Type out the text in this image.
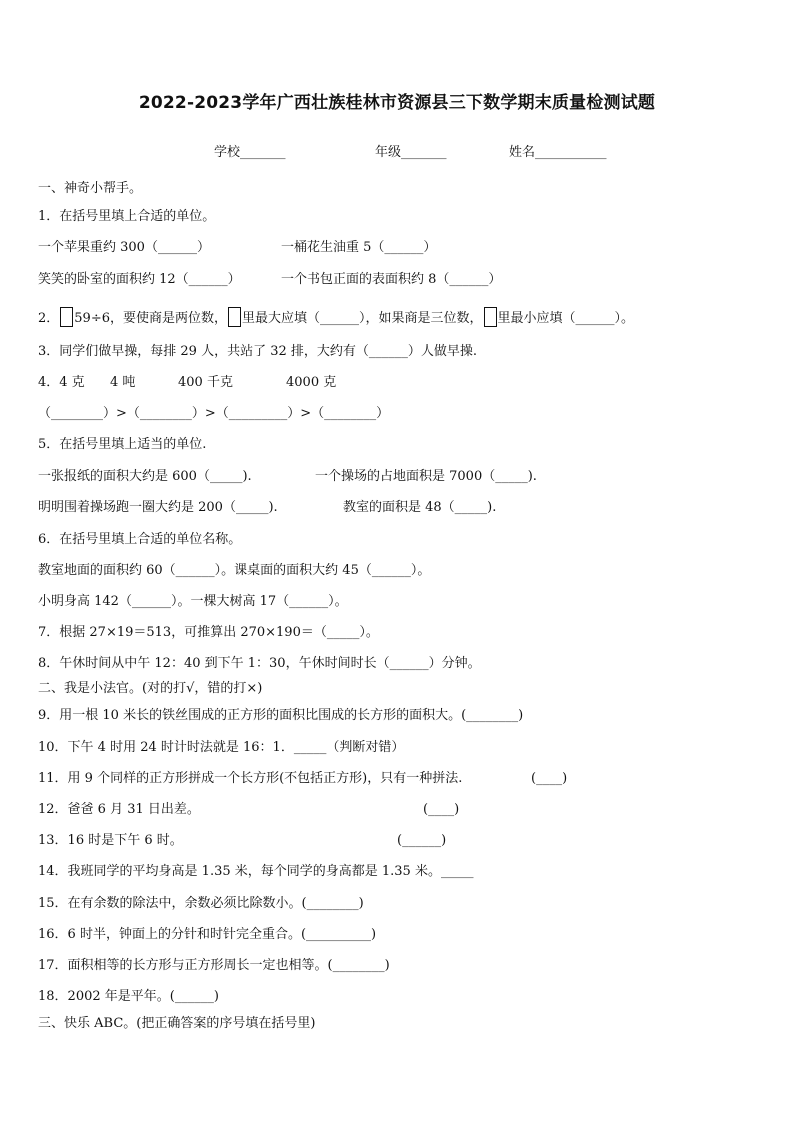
2022-2023学年广西壮族桂林市资源县三下数学期末质量检测试题
学校_______	年级_______	姓名___________
一、神奇小帮手。
1．在括号里填上合适的单位。
一个苹果重约 300（______）	一桶花生油重 5（______）
笑笑的卧室的面积约 12（______）	一个书包正面的表面积约 8（______）
2． 59÷6，要使商是两位数， 里最大应填（______），如果商是三位数， 里最小应填（______）。
3．同学们做早操，每排 29 人，共站了 32 排，大约有（______）人做早操.
4．4 克 4 吨	400 千克	4000 克
（________）>（________）>（_________）>（________）
5．在括号里填上适当的单位.
一张报纸的面积大约是 600（_____).	一个操场的占地面积是 7000（_____).
明明围着操场跑一圈大约是 200（_____).	教室的面积是 48（_____).
6．在括号里填上合适的单位名称。
教室地面的面积约 60（______）。课桌面的面积大约 45（______）。
小明身高 142（______）。一棵大树高 17（______）。
7．根据 27×19＝513，可推算出 270×190＝（_____）。
8．午休时间从中午 12：40 到下午 1：30，午休时间时长（______）分钟。
二、我是小法官。(对的打√，错的打×)
9．用一根 10 米长的铁丝围成的正方形的面积比围成的长方形的面积大。(________)
10．下午 4 时用 24 时计时法就是 16：1．_____（判断对错）
11．用 9 个同样的正方形拼成一个长方形(不包括正方形)，只有一种拼法.	(____)
12．爸爸 6 月 31 日出差。	(____)
13．16 时是下午 6 时。	(______)
14．我班同学的平均身高是 1.35 米，每个同学的身高都是 1.35 米。_____
15．在有余数的除法中，余数必须比除数小。(________)
16．6 时半，钟面上的分针和时针完全重合。(__________)
17．面积相等的长方形与正方形周长一定也相等。(________)
18．2002 年是平年。(______)
三、快乐 ABC。(把正确答案的序号填在括号里)
